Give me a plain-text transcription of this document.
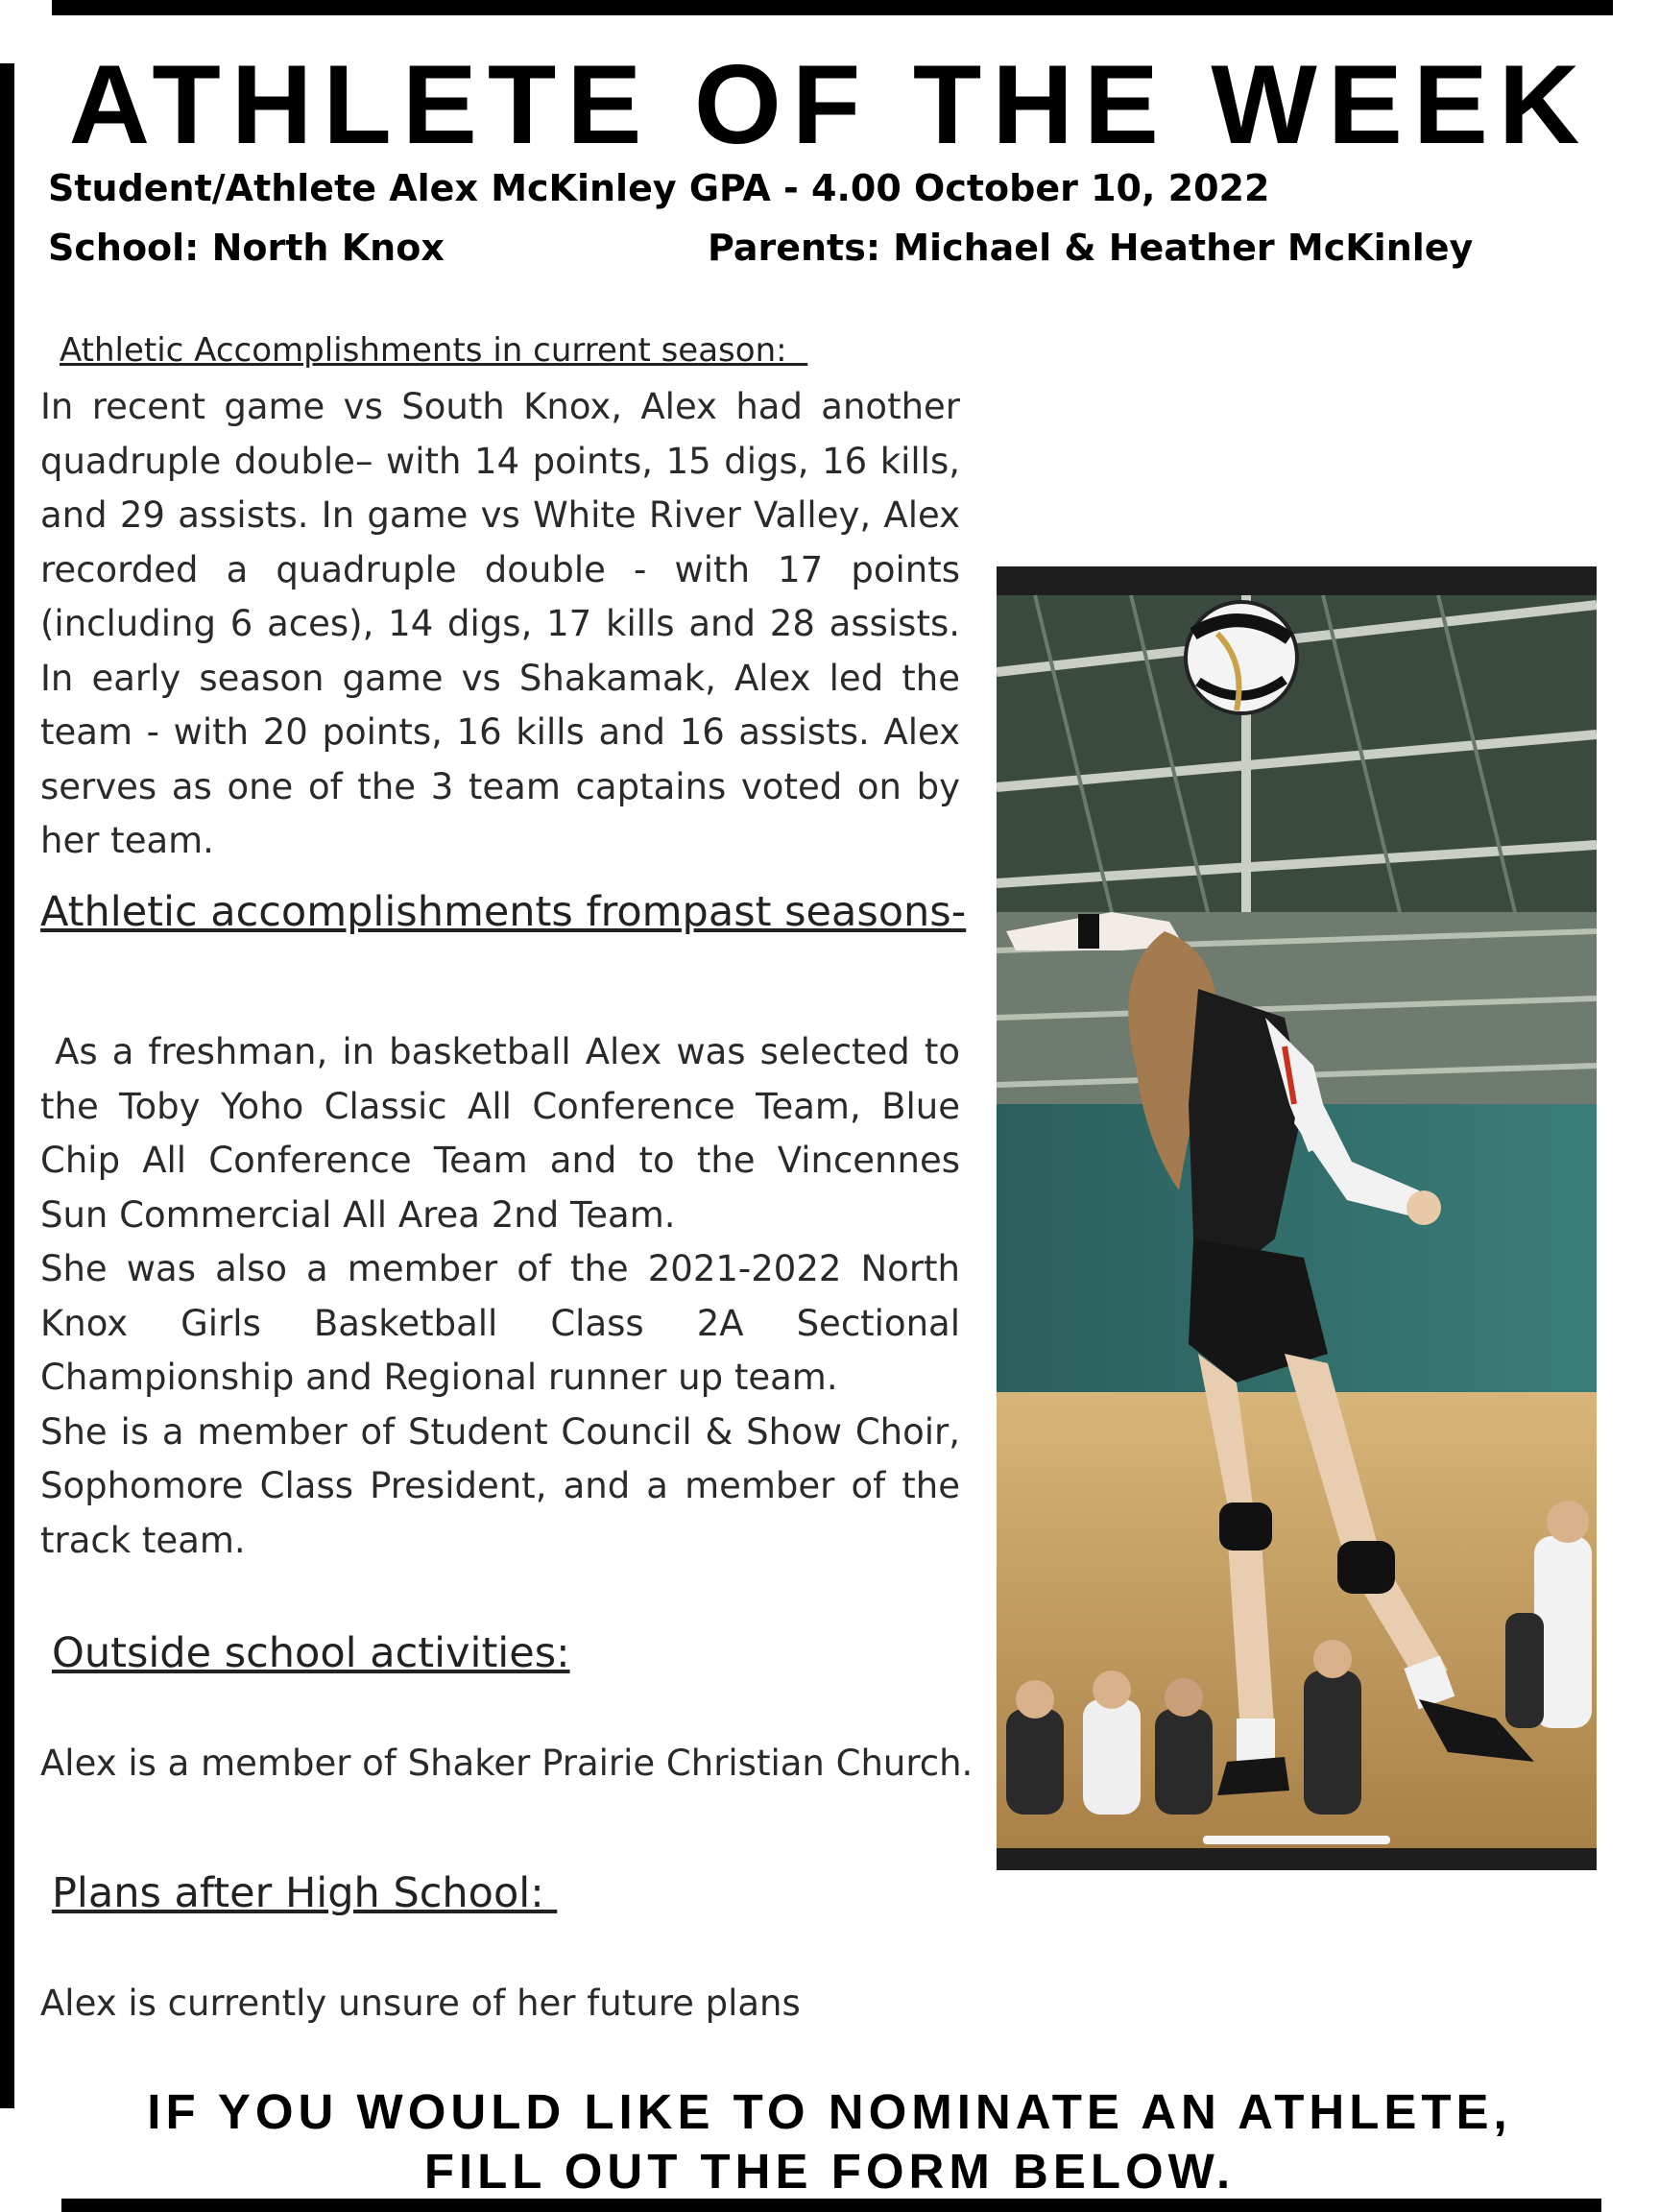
ATHLETE OF THE WEEK
Student/Athlete Alex McKinley GPA - 4.00 October 10, 2022
School: North Knox	Parents: Michael & Heather McKinley
Athletic Accomplishments in current season:

In recent game vs South Knox, Alex had another quadruple double– with 14 points, 15 digs, 16 kills, and 29 assists. In game vs White River Valley, Alex recorded a quadruple double - with 17 points (including 6 aces), 14 digs, 17 kills and 28 assists. In early season game vs Shakamak, Alex led the team - with 20 points, 16 kills and 16 assists. Alex serves as one of the 3 team captains voted on by her team.

Athletic accomplishments frompast seasons-
As a freshman, in basketball Alex was selected to the Toby Yoho Classic All Conference Team, Blue Chip All Conference Team and to the Vincennes Sun Commercial All Area 2nd Team.
She was also a member of the 2021-2022 North Knox Girls Basketball Class 2A Sectional Championship and Regional runner up team.
She is a member of Student Council & Show Choir, Sophomore Class President, and a member of the track team.
Outside school activities:
Alex is a member of Shaker Prairie Christian Church.
Plans after High School:
Alex is currently unsure of her future plans
IF YOU WOULD LIKE TO NOMINATE AN ATHLETE,
FILL OUT THE FORM BELOW.
